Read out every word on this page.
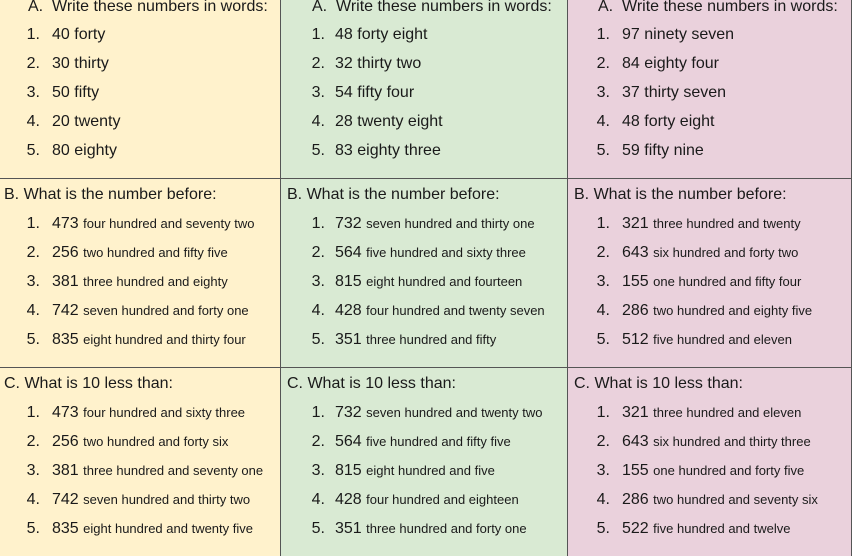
A. Write these numbers in words:
1. 40 forty
2. 30 thirty
3. 50 fifty
4. 20 twenty
5. 80 eighty
B. What is the number before:
1. 473 four hundred and seventy two
2. 256 two hundred and fifty five
3. 381 three hundred and eighty
4. 742 seven hundred and forty one
5. 835 eight hundred and thirty four
C. What is 10 less than:
1. 473 four hundred and sixty three
2. 256 two hundred and forty six
3. 381 three hundred and seventy one
4. 742 seven hundred and thirty two
5. 835 eight hundred and twenty five
A. Write these numbers in words:
1. 48 forty eight
2. 32 thirty two
3. 54 fifty four
4. 28 twenty eight
5. 83 eighty three
B. What is the number before:
1. 732 seven hundred and thirty one
2. 564 five hundred and sixty three
3. 815 eight hundred and fourteen
4. 428 four hundred and twenty seven
5. 351 three hundred and fifty
C. What is 10 less than:
1. 732 seven hundred and twenty two
2. 564 five hundred and fifty five
3. 815 eight hundred and five
4. 428 four hundred and eighteen
5. 351 three hundred and forty one
A. Write these numbers in words:
1. 97 ninety seven
2. 84 eighty four
3. 37 thirty seven
4. 48 forty eight
5. 59 fifty nine
B. What is the number before:
1. 321 three hundred and twenty
2. 643 six hundred and forty two
3. 155 one hundred and fifty four
4. 286 two hundred and eighty five
5. 512 five hundred and eleven
C. What is 10 less than:
1. 321 three hundred and eleven
2. 643 six hundred and thirty three
3. 155 one hundred and forty five
4. 286 two hundred and seventy six
5. 522 five hundred and twelve
